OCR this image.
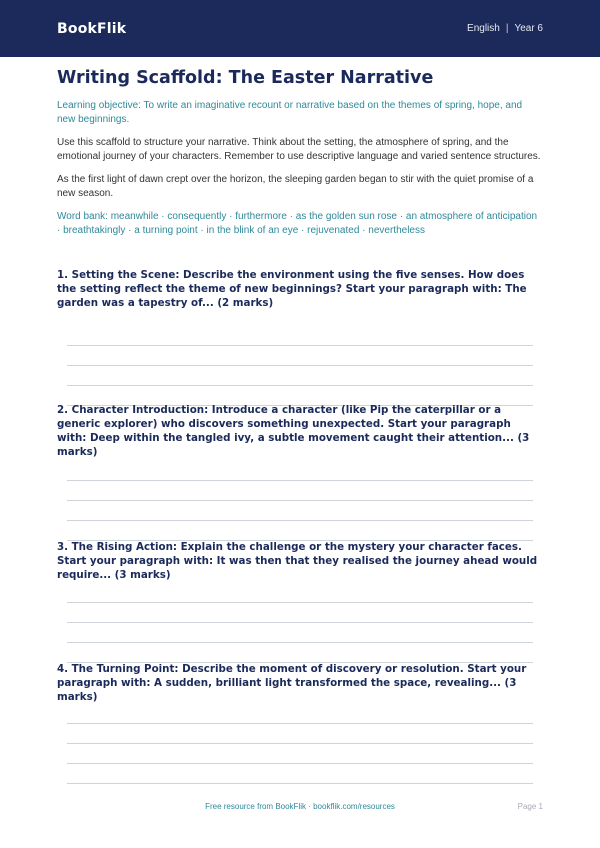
BookFlik	English | Year 6
Writing Scaffold: The Easter Narrative

Learning objective: To write an imaginative recount or narrative based on the themes of spring, hope, and new beginnings.

Use this scaffold to structure your narrative. Think about the setting, the atmosphere of spring, and the emotional journey of your characters. Remember to use descriptive language and varied sentence structures.

As the first light of dawn crept over the horizon, the sleeping garden began to stir with the quiet promise of a new season.

Word bank: meanwhile · consequently · furthermore · as the golden sun rose · an atmosphere of anticipation · breathtakingly · a turning point · in the blink of an eye · rejuvenated · nevertheless

1. Setting the Scene: Describe the environment using the five senses. How does the setting reflect the theme of new beginnings? Start your paragraph with: The garden was a tapestry of... (2 marks)
2. Character Introduction: Introduce a character (like Pip the caterpillar or a generic explorer) who discovers something unexpected. Start your paragraph with: Deep within the tangled ivy, a subtle movement caught their attention... (3 marks)
3. The Rising Action: Explain the challenge or the mystery your character faces. Start your paragraph with: It was then that they realised the journey ahead would require... (3 marks)
4. The Turning Point: Describe the moment of discovery or resolution. Start your paragraph with: A sudden, brilliant light transformed the space, revealing... (3 marks)
Free resource from BookFlik · bookflik.com/resources	Page 1
